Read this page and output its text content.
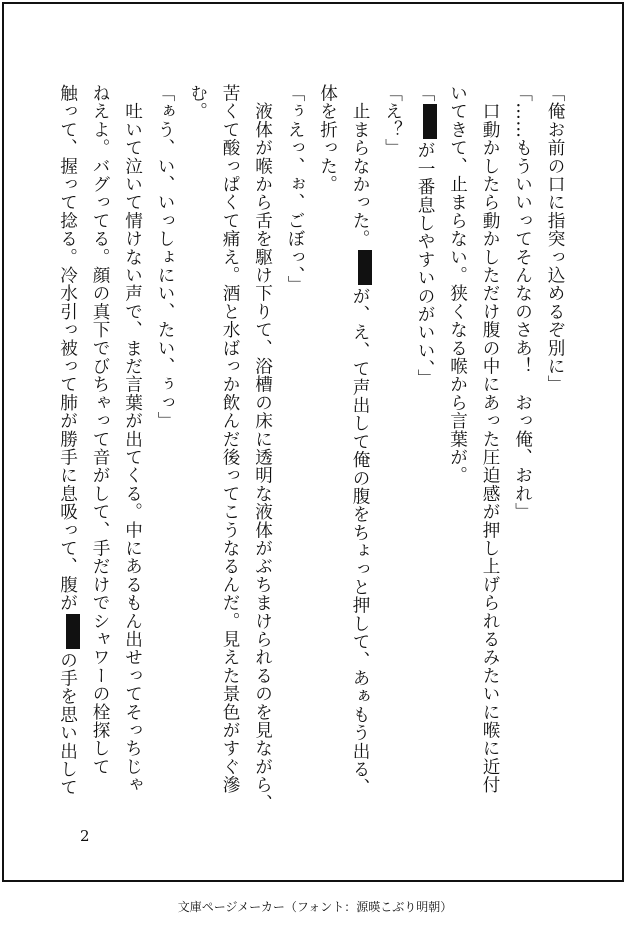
「俺お前の口に指突っ込めるぞ別に」
「……もういいってそんなのさあ！　おっ俺、おれ」
　口動かしたら動かしただけ腹の中にあった圧迫感が押し上げられるみたいに喉に近付
いてきて、止まらない。狭くなる喉から言葉が。
「が一番息しやすいのがいい、」
「え？」
　止まらなかった。が、え、て声出して俺の腹をちょっと押して、あぁもう出る、
体を折った。
「ぅえっ、ぉ、ごぼっ、」
　液体が喉から舌を駆け下りて、浴槽の床に透明な液体がぶちまけられるのを見ながら、
苦くて酸っぱくて痛え。酒と水ばっか飲んだ後ってこうなるんだ。見えた景色がすぐ滲
む。
「ぁう、い、いっしょにい、たい、ぅっ」
　吐いて泣いて情けない声で、まだ言葉が出てくる。中にあるもん出せってそっちじゃ
ねえよ。バグってる。顔の真下でびちゃって音がして、手だけでシャワーの栓探して
触って、握って捻る。冷水引っ被って肺が勝手に息吸って、腹がの手を思い出して
2
文庫ページメーカー（フォント：源暎こぶり明朝）
